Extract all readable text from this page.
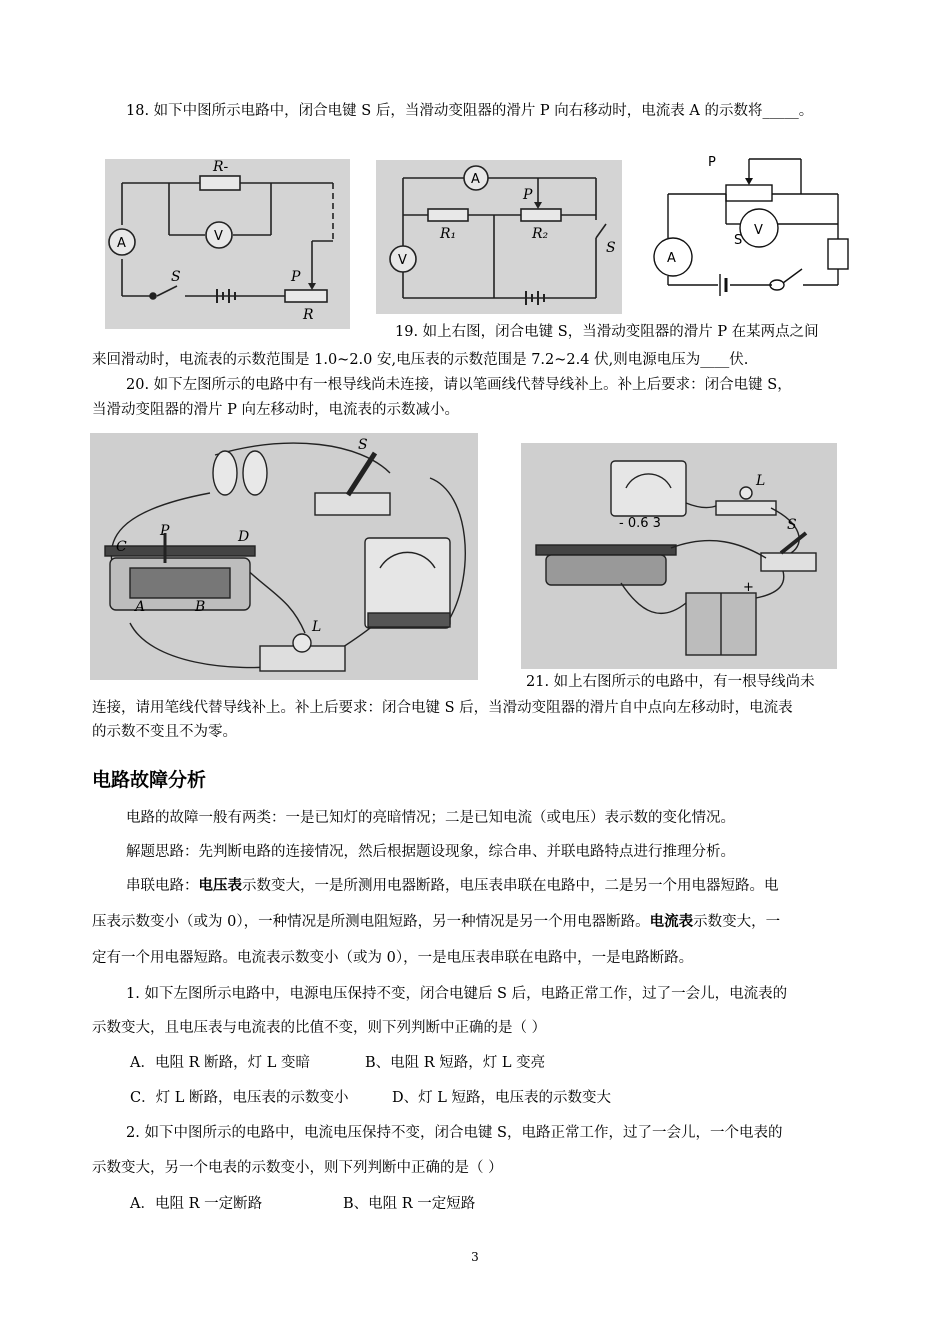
18. 如下中图所示电路中，闭合电键 S 后，当滑动变阻器的滑片 P 向右移动时，电流表 A 的示数将_____。
R-
A	V
S	P
R
A
P
R₁	R₂
V
S
P
S
V
A
19. 如上右图，闭合电键 S，当滑动变阻器的滑片 P 在某两点之间
来回滑动时，电流表的示数范围是 1.0~2.0 安,电压表的示数范围是 7.2~2.4 伏,则电源电压为____伏.
20. 如下左图所示的电路中有一根导线尚未连接，请以笔画线代替导线补上。补上后要求：闭合电键 S，
当滑动变阻器的滑片 P 向左移动时，电流表的示数减小。
S
C
P	D
A	B
L
L
S
- 0.6 3
+
21. 如上右图所示的电路中，有一根导线尚未
连接，请用笔线代替导线补上。补上后要求：闭合电键 S 后，当滑动变阻器的滑片自中点向左移动时，电流表
的示数不变且不为零。
电路故障分析
电路的故障一般有两类：一是已知灯的亮暗情况；二是已知电流（或电压）表示数的变化情况。
解题思路：先判断电路的连接情况，然后根据题设现象，综合串、并联电路特点进行推理分析。
串联电路：电压表示数变大，一是所测用电器断路，电压表串联在电路中，二是另一个用电器短路。电
压表示数变小（或为 0），一种情况是所测电阻短路，另一种情况是另一个用电器断路。电流表示数变大，一
定有一个用电器短路。电流表示数变小（或为 0），一是电压表串联在电路中，一是电路断路。
1. 如下左图所示电路中，电源电压保持不变，闭合电键后 S 后，电路正常工作，过了一会儿，电流表的
示数变大，且电压表与电流表的比值不变，则下列判断中正确的是（ ）
A．电阻 R 断路，灯 L 变暗	B、电阻 R 短路，灯 L 变亮
C．灯 L 断路，电压表的示数变小	D、灯 L 短路，电压表的示数变大
2. 如下中图所示的电路中，电流电压保持不变，闭合电键 S，电路正常工作，过了一会儿，一个电表的
示数变大，另一个电表的示数变小，则下列判断中正确的是（ ）
A．电阻 R 一定断路	B、电阻 R 一定短路
3
